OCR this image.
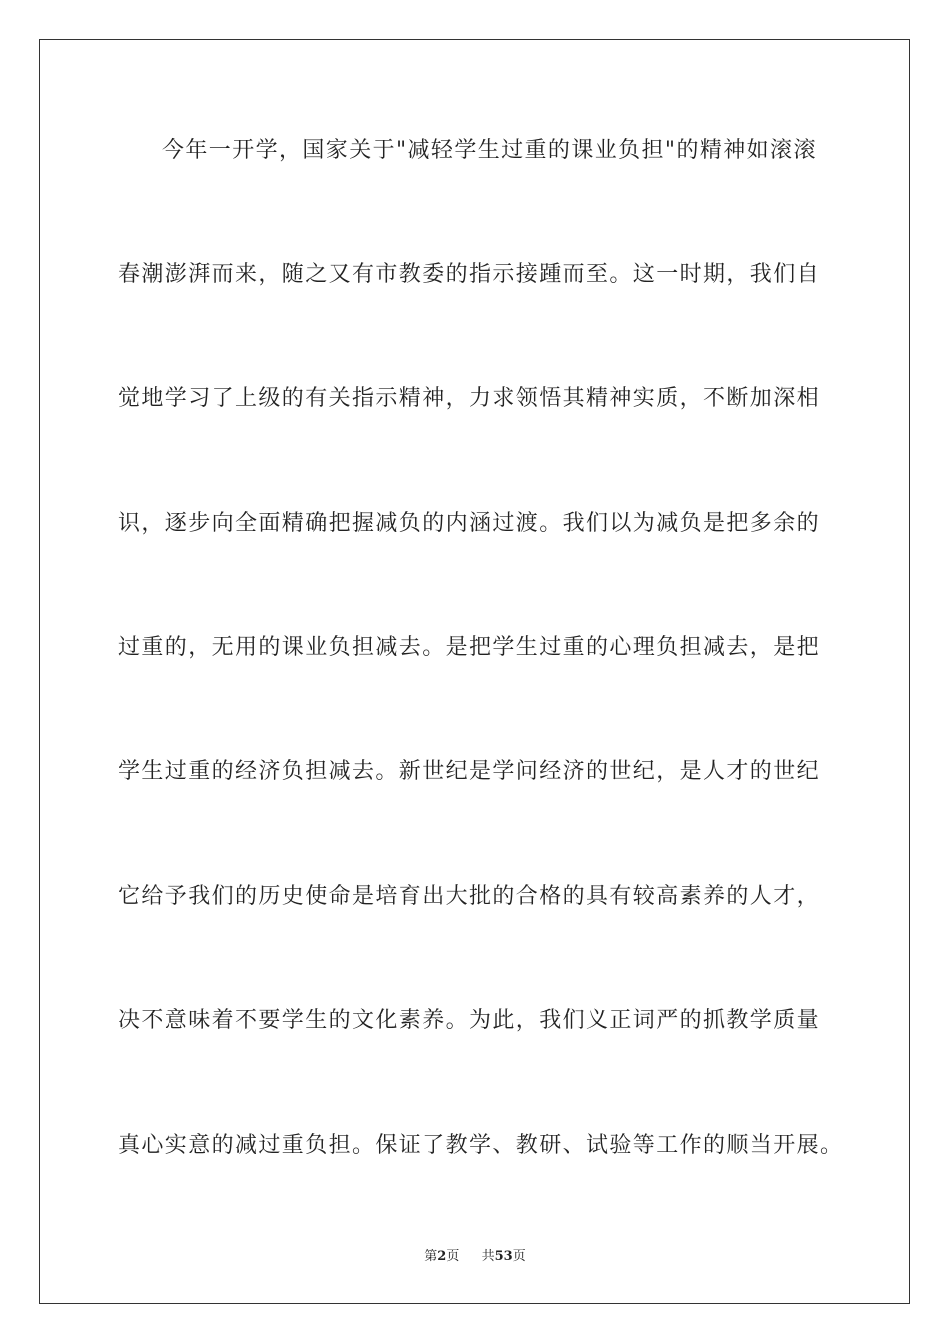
今年一开学，国家关于"减轻学生过重的课业负担"的精神如滚滚
春潮澎湃而来，随之又有市教委的指示接踵而至。这一时期，我们自
觉地学习了上级的有关指示精神，力求领悟其精神实质，不断加深相
识，逐步向全面精确把握减负的内涵过渡。我们以为减负是把多余的
过重的，无用的课业负担减去。是把学生过重的心理负担减去，是把
学生过重的经济负担减去。新世纪是学问经济的世纪，是人才的世纪
它给予我们的历史使命是培育出大批的合格的具有较高素养的人才，
决不意味着不要学生的文化素养。为此，我们义正词严的抓教学质量
真心实意的减过重负担。保证了教学、教研、试验等工作的顺当开展。
第2页 共53页
